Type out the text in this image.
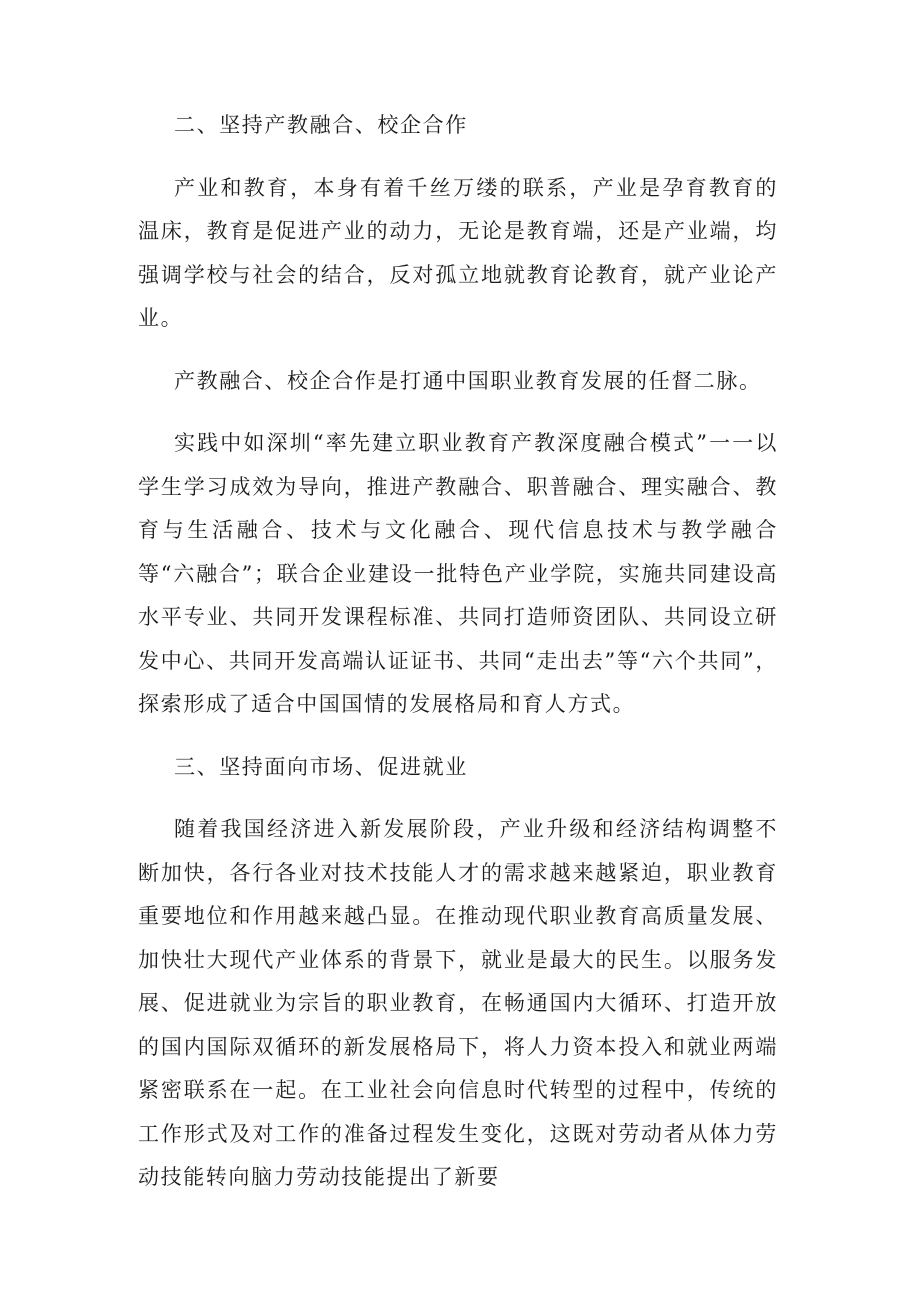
二、坚持产教融合、校企合作

产业和教育，本身有着千丝万缕的联系，产业是孕育教育的温床，教育是促进产业的动力，无论是教育端，还是产业端，均强调学校与社会的结合，反对孤立地就教育论教育，就产业论产业。

产教融合、校企合作是打通中国职业教育发展的任督二脉。

实践中如深圳“率先建立职业教育产教深度融合模式”一一以学生学习成效为导向，推进产教融合、职普融合、理实融合、教育与生活融合、技术与文化融合、现代信息技术与教学融合等“六融合”；联合企业建设一批特色产业学院，实施共同建设高水平专业、共同开发课程标准、共同打造师资团队、共同设立研发中心、共同开发高端认证证书、共同“走出去”等“六个共同”，探索形成了适合中国国情的发展格局和育人方式。

三、坚持面向市场、促进就业

随着我国经济进入新发展阶段，产业升级和经济结构调整不断加快，各行各业对技术技能人才的需求越来越紧迫，职业教育重要地位和作用越来越凸显。在推动现代职业教育高质量发展、加快壮大现代产业体系的背景下，就业是最大的民生。以服务发展、促进就业为宗旨的职业教育，在畅通国内大循环、打造开放的国内国际双循环的新发展格局下，将人力资本投入和就业两端紧密联系在一起。在工业社会向信息时代转型的过程中，传统的工作形式及对工作的准备过程发生变化，这既对劳动者从体力劳动技能转向脑力劳动技能提出了新要
